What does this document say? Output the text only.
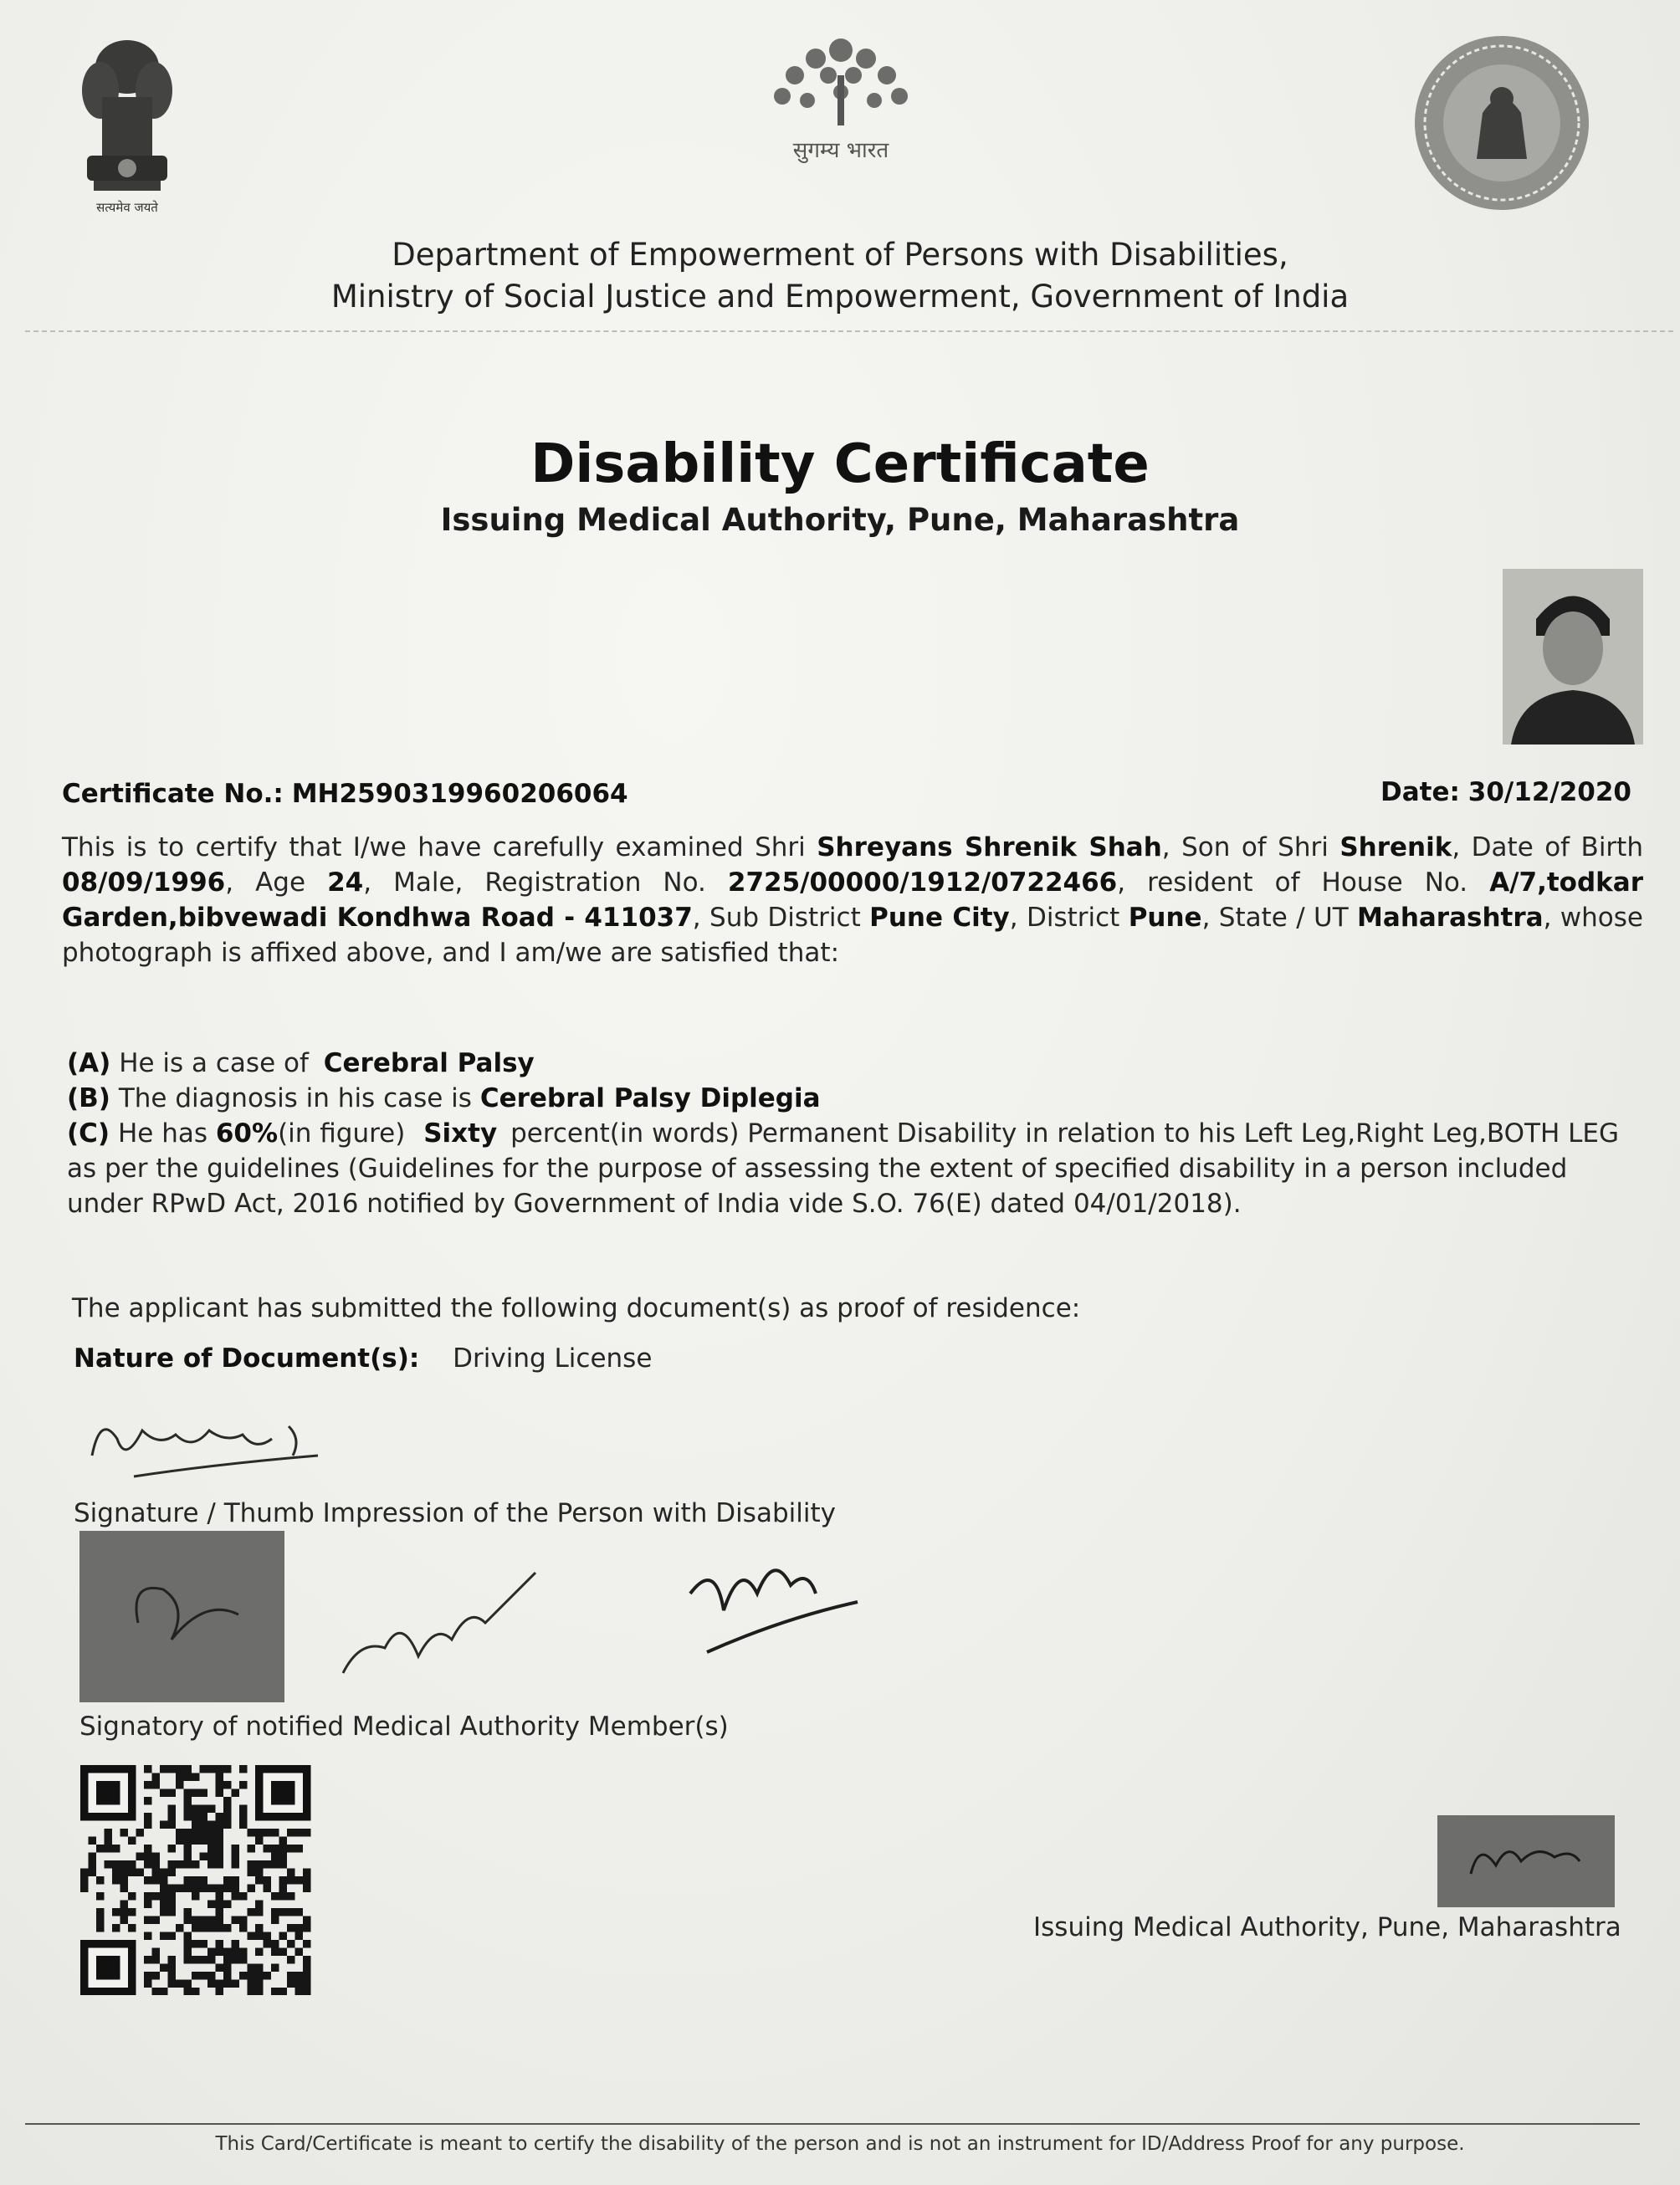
सत्यमेव जयते
सुगम्य भारत
Department of Empowerment of Persons with Disabilities,
Ministry of Social Justice and Empowerment, Government of India
Disability Certificate
Issuing Medical Authority, Pune, Maharashtra
Certificate No.: MH2590319960206064	Date: 30/12/2020
This is to certify that I/we have carefully examined Shri Shreyans Shrenik Shah, Son of Shri Shrenik, Date of Birth 08/09/1996, Age 24, Male, Registration No. 2725/00000/1912/0722466, resident of House No. A/7,todkar Garden,bibvewadi Kondhwa Road - 411037, Sub District Pune City, District Pune, State / UT Maharashtra, whose photograph is affixed above, and I am/we are satisfied that:
(A) He is a case of Cerebral Palsy
(B) The diagnosis in his case is Cerebral Palsy Diplegia
(C) He has 60%(in figure) Sixty percent(in words) Permanent Disability in relation to his Left Leg,Right Leg,BOTH LEG as per the guidelines (Guidelines for the purpose of assessing the extent of specified disability in a person included under RPwD Act, 2016 notified by Government of India vide S.O. 76(E) dated 04/01/2018).
The applicant has submitted the following document(s) as proof of residence:
Nature of Document(s): Driving License
Signature / Thumb Impression of the Person with Disability
Signatory of notified Medical Authority Member(s)
Issuing Medical Authority, Pune, Maharashtra
This Card/Certificate is meant to certify the disability of the person and is not an instrument for ID/Address Proof for any purpose.
